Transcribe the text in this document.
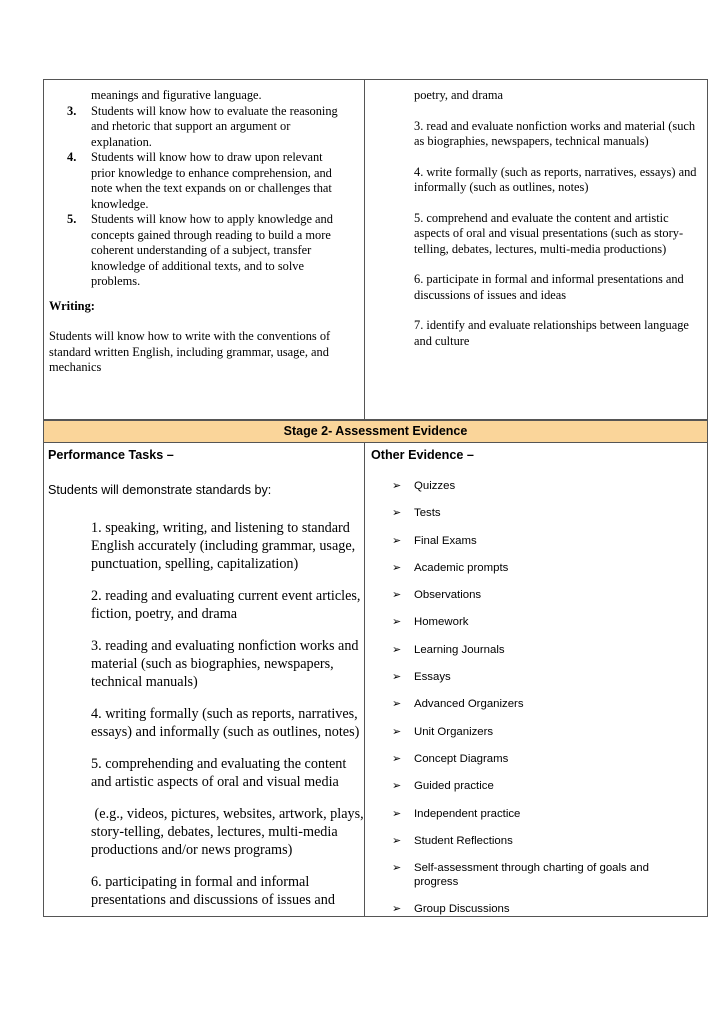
meanings and figurative language.
3. Students will know how to evaluate the reasoning
and rhetoric that support an argument or
explanation.
4. Students will know how to draw upon relevant
prior knowledge to enhance comprehension, and
note when the text expands on or challenges that
knowledge.
5. Students will know how to apply knowledge and
concepts gained through reading to build a more
coherent understanding of a subject, transfer
knowledge of additional texts, and to solve
problems.
Writing:
Students will know how to write with the conventions of standard written English, including grammar, usage, and mechanics

poetry, and drama

3. read and evaluate nonfiction works and material (such as biographies, newspapers, technical manuals)

4. write formally (such as reports, narratives, essays) and informally (such as outlines, notes)

5. comprehend and evaluate the content and artistic aspects of oral and visual presentations (such as story-telling, debates, lectures, multi-media productions)

6. participate in formal and informal presentations and discussions of issues and ideas

7. identify and evaluate relationships between language and culture

Stage 2- Assessment Evidence
Performance Tasks –
Students will demonstrate standards by:

1. speaking, writing, and listening to standard English accurately (including grammar, usage, punctuation, spelling, capitalization)

2. reading and evaluating current event articles, fiction, poetry, and drama

3. reading and evaluating nonfiction works and material (such as biographies, newspapers, technical manuals)

4. writing formally (such as reports, narratives, essays) and informally (such as outlines, notes)

5. comprehending and evaluating the content and artistic aspects of oral and visual media

(e.g., videos, pictures, websites, artwork, plays, story-telling, debates, lectures, multi-media productions and/or news programs)

6. participating in formal and informal presentations and discussions of issues and

Other Evidence –
➢ Quizzes
➢ Tests
➢ Final Exams
➢ Academic prompts
➢ Observations
➢ Homework
➢ Learning Journals
➢ Essays
➢ Advanced Organizers
➢ Unit Organizers
➢ Concept Diagrams
➢ Guided practice
➢ Independent practice
➢ Student Reflections
➢ Self-assessment through charting of goals and progress
➢ Group Discussions
